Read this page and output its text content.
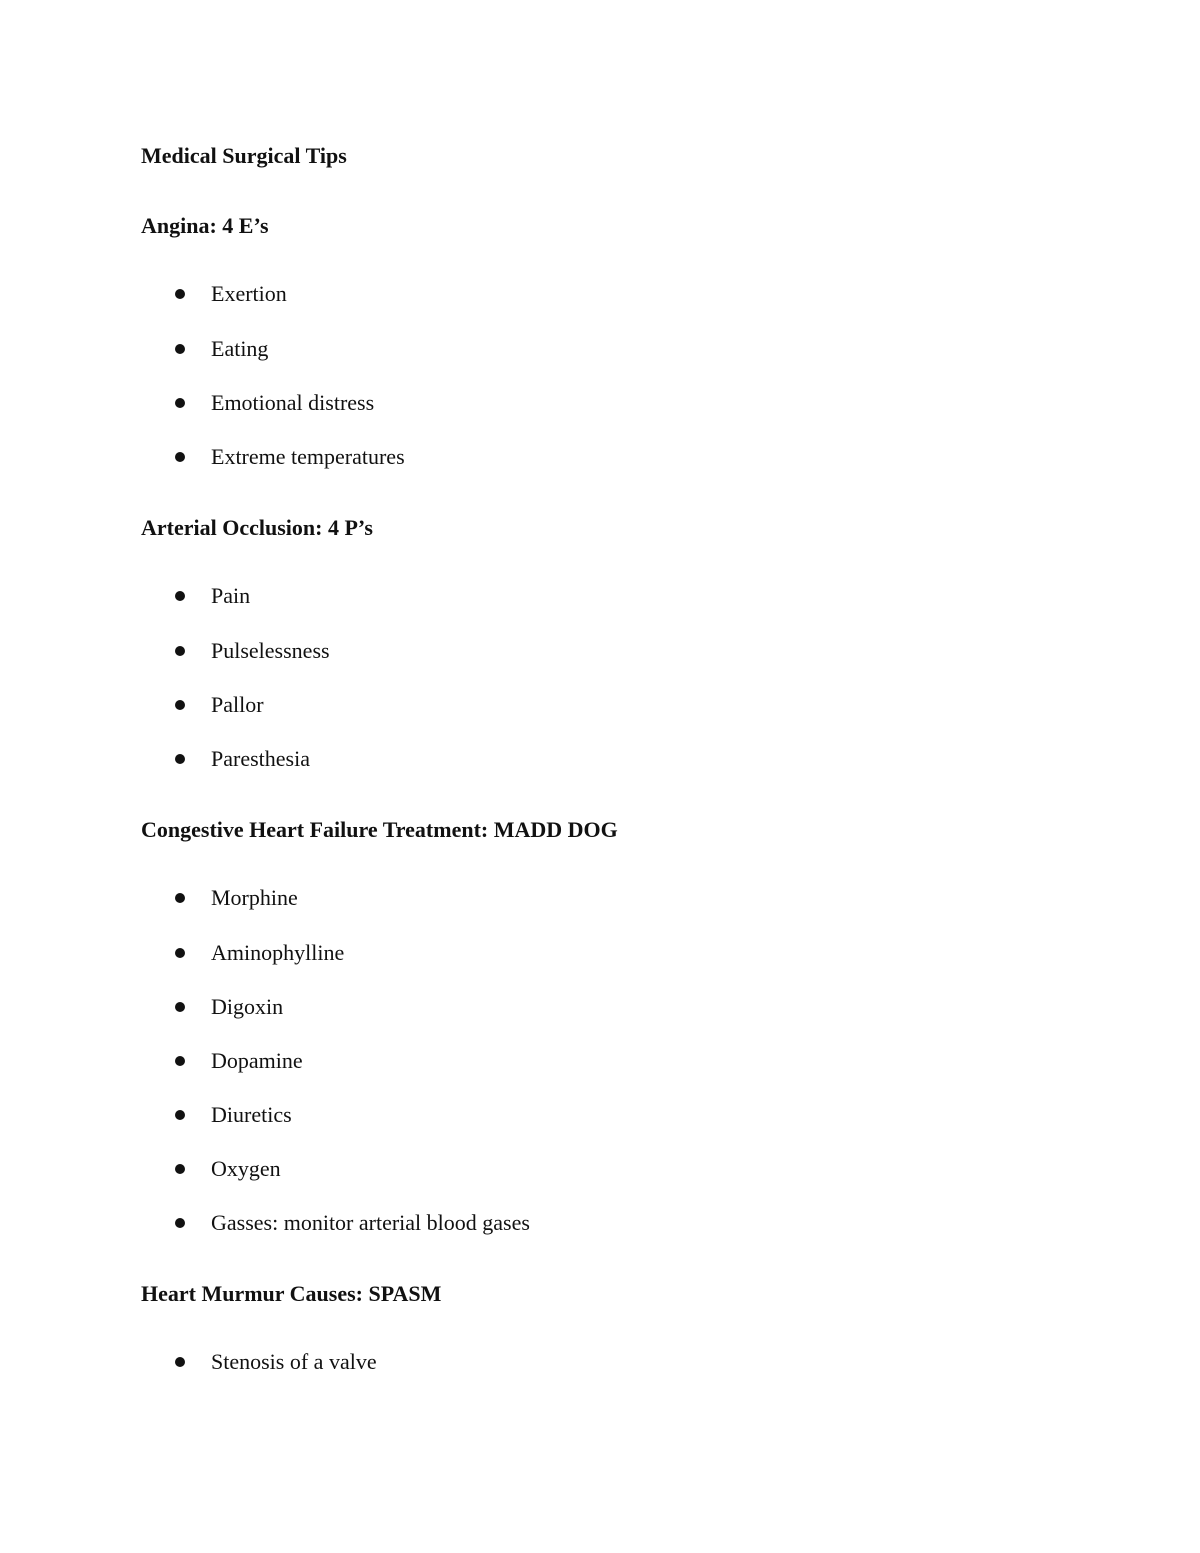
Medical Surgical Tips
Angina: 4 E’s
Exertion
Eating
Emotional distress
Extreme temperatures
Arterial Occlusion: 4 P’s
Pain
Pulselessness
Pallor
Paresthesia
Congestive Heart Failure Treatment: MADD DOG
Morphine
Aminophylline
Digoxin
Dopamine
Diuretics
Oxygen
Gasses: monitor arterial blood gases
Heart Murmur Causes: SPASM
Stenosis of a valve
